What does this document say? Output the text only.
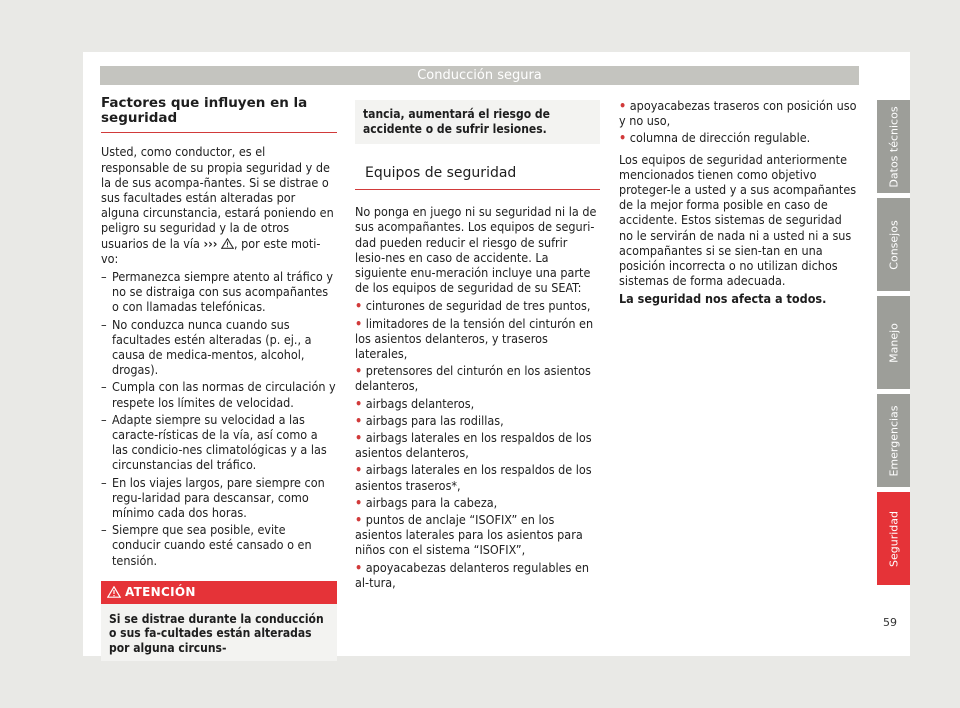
Conducción segura
Factores que influyen en la seguridad

Usted, como conductor, es el responsable de su propia seguridad y de la de sus acompa-ñantes. Si se distrae o sus facultades están alteradas por alguna circunstancia, estará poniendo en peligro su seguridad y la de otros usuarios de la vía ››› , por este moti-vo:

– Permanezca siempre atento al tráfico y no se distraiga con sus acompañantes o con llamadas telefónicas.
– No conduzca nunca cuando sus facultades estén alteradas (p. ej., a causa de medica-mentos, alcohol, drogas).
– Cumpla con las normas de circulación y respete los límites de velocidad.
– Adapte siempre su velocidad a las caracte-rísticas de la vía, así como a las condicio-nes climatológicas y a las circunstancias del tráfico.
– En los viajes largos, pare siempre con regu-laridad para descansar, como mínimo cada dos horas.
– Siempre que sea posible, evite conducir cuando esté cansado o en tensión.
ATENCIÓN
Si se distrae durante la conducción o sus fa-cultades están alteradas por alguna circuns-
tancia, aumentará el riesgo de accidente o de sufrir lesiones.
Equipos de seguridad

No ponga en juego ni su seguridad ni la de sus acompañantes. Los equipos de seguri-dad pueden reducir el riesgo de sufrir lesio-nes en caso de accidente. La siguiente enu-meración incluye una parte de los equipos de seguridad de su SEAT:

• cinturones de seguridad de tres puntos,
• limitadores de la tensión del cinturón en los asientos delanteros, y traseros laterales,
• pretensores del cinturón en los asientos delanteros,
• airbags delanteros,
• airbags para las rodillas,
• airbags laterales en los respaldos de los asientos delanteros,
• airbags laterales en los respaldos de los asientos traseros*,
• airbags para la cabeza,
• puntos de anclaje “ISOFIX” en los asientos laterales para los asientos para niños con el sistema “ISOFIX”,
• apoyacabezas delanteros regulables en al-tura,
• apoyacabezas traseros con posición uso y no uso,
• columna de dirección regulable.

Los equipos de seguridad anteriormente mencionados tienen como objetivo proteger-le a usted y a sus acompañantes de la mejor forma posible en caso de accidente. Estos sistemas de seguridad no le servirán de nada ni a usted ni a sus acompañantes si se sien-tan en una posición incorrecta o no utilizan dichos sistemas de forma adecuada.

La seguridad nos afecta a todos.

Datos técnicos
Consejos
Manejo
Emergencias
Seguridad
59
